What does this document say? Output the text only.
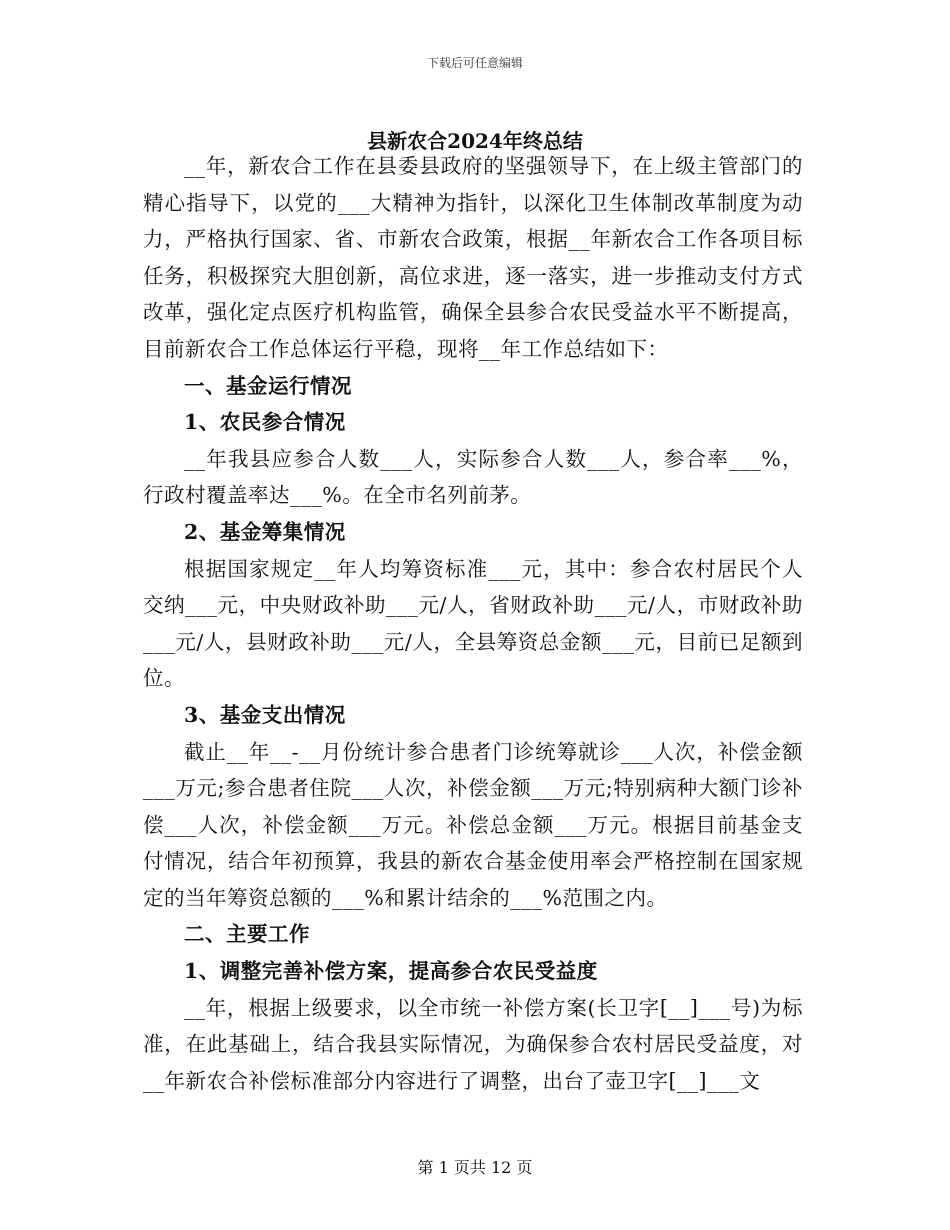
下载后可任意编辑
县新农合2024年终总结

__年，新农合工作在县委县政府的坚强领导下，在上级主管部门的精心指导下，以党的___大精神为指针，以深化卫生体制改革制度为动力，严格执行国家、省、市新农合政策，根据__年新农合工作各项目标任务，积极探究大胆创新，高位求进，逐一落实，进一步推动支付方式改革，强化定点医疗机构监管，确保全县参合农民受益水平不断提高，目前新农合工作总体运行平稳，现将__年工作总结如下：

一、基金运行情况
1、农民参合情况

__年我县应参合人数___人，实际参合人数___人，参合率___%，行政村覆盖率达___%。在全市名列前茅。

2、基金筹集情况

根据国家规定__年人均筹资标准___元，其中：参合农村居民个人交纳___元，中央财政补助___元/人，省财政补助___元/人，市财政补助___元/人，县财政补助___元/人，全县筹资总金额___元，目前已足额到位。

3、基金支出情况

截止__年__-__月份统计参合患者门诊统筹就诊___人次，补偿金额___万元;参合患者住院___人次，补偿金额___万元;特别病种大额门诊补偿___人次，补偿金额___万元。补偿总金额___万元。根据目前基金支付情况，结合年初预算，我县的新农合基金使用率会严格控制在国家规定的当年筹资总额的___%和累计结余的___%范围之内。

二、主要工作
1、调整完善补偿方案，提高参合农民受益度

__年，根据上级要求，以全市统一补偿方案(长卫字[__]___号)为标准，在此基础上，结合我县实际情况，为确保参合农村居民受益度，对__年新农合补偿标准部分内容进行了调整，出台了壶卫字[__]___文

第 1 页共 12 页
